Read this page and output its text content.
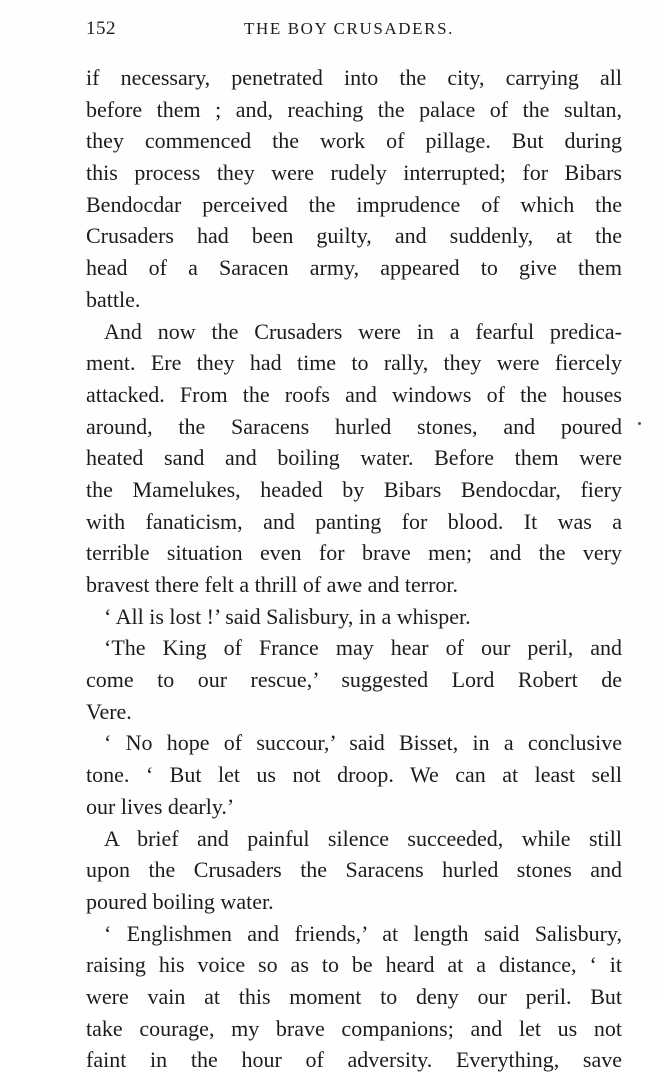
152	THE BOY CRUSADERS.
if necessary, penetrated into the city, carrying all
before them ; and, reaching the palace of the sultan,
they commenced the work of pillage. But during
this process they were rudely interrupted; for Bibars
Bendocdar perceived the imprudence of which the
Crusaders had been guilty, and suddenly, at the
head of a Saracen army, appeared to give them
battle.
And now the Crusaders were in a fearful predica-
ment. Ere they had time to rally, they were fiercely
attacked. From the roofs and windows of the houses
around, the Saracens hurled stones, and poured
heated sand and boiling water. Before them were
the Mamelukes, headed by Bibars Bendocdar, fiery
with fanaticism, and panting for blood. It was a
terrible situation even for brave men; and the very
bravest there felt a thrill of awe and terror.
‘ All is lost !’ said Salisbury, in a whisper.
‘The King of France may hear of our peril, and
come to our rescue,’ suggested Lord Robert de
Vere.
‘ No hope of succour,’ said Bisset, in a conclusive
tone. ‘ But let us not droop. We can at least sell
our lives dearly.’
A brief and painful silence succeeded, while still
upon the Crusaders the Saracens hurled stones and
poured boiling water.
‘ Englishmen and friends,’ at length said Salisbury,
raising his voice so as to be heard at a distance, ‘ it
were vain at this moment to deny our peril. But
take courage, my brave companions; and let us not
faint in the hour of adversity. Everything, save
